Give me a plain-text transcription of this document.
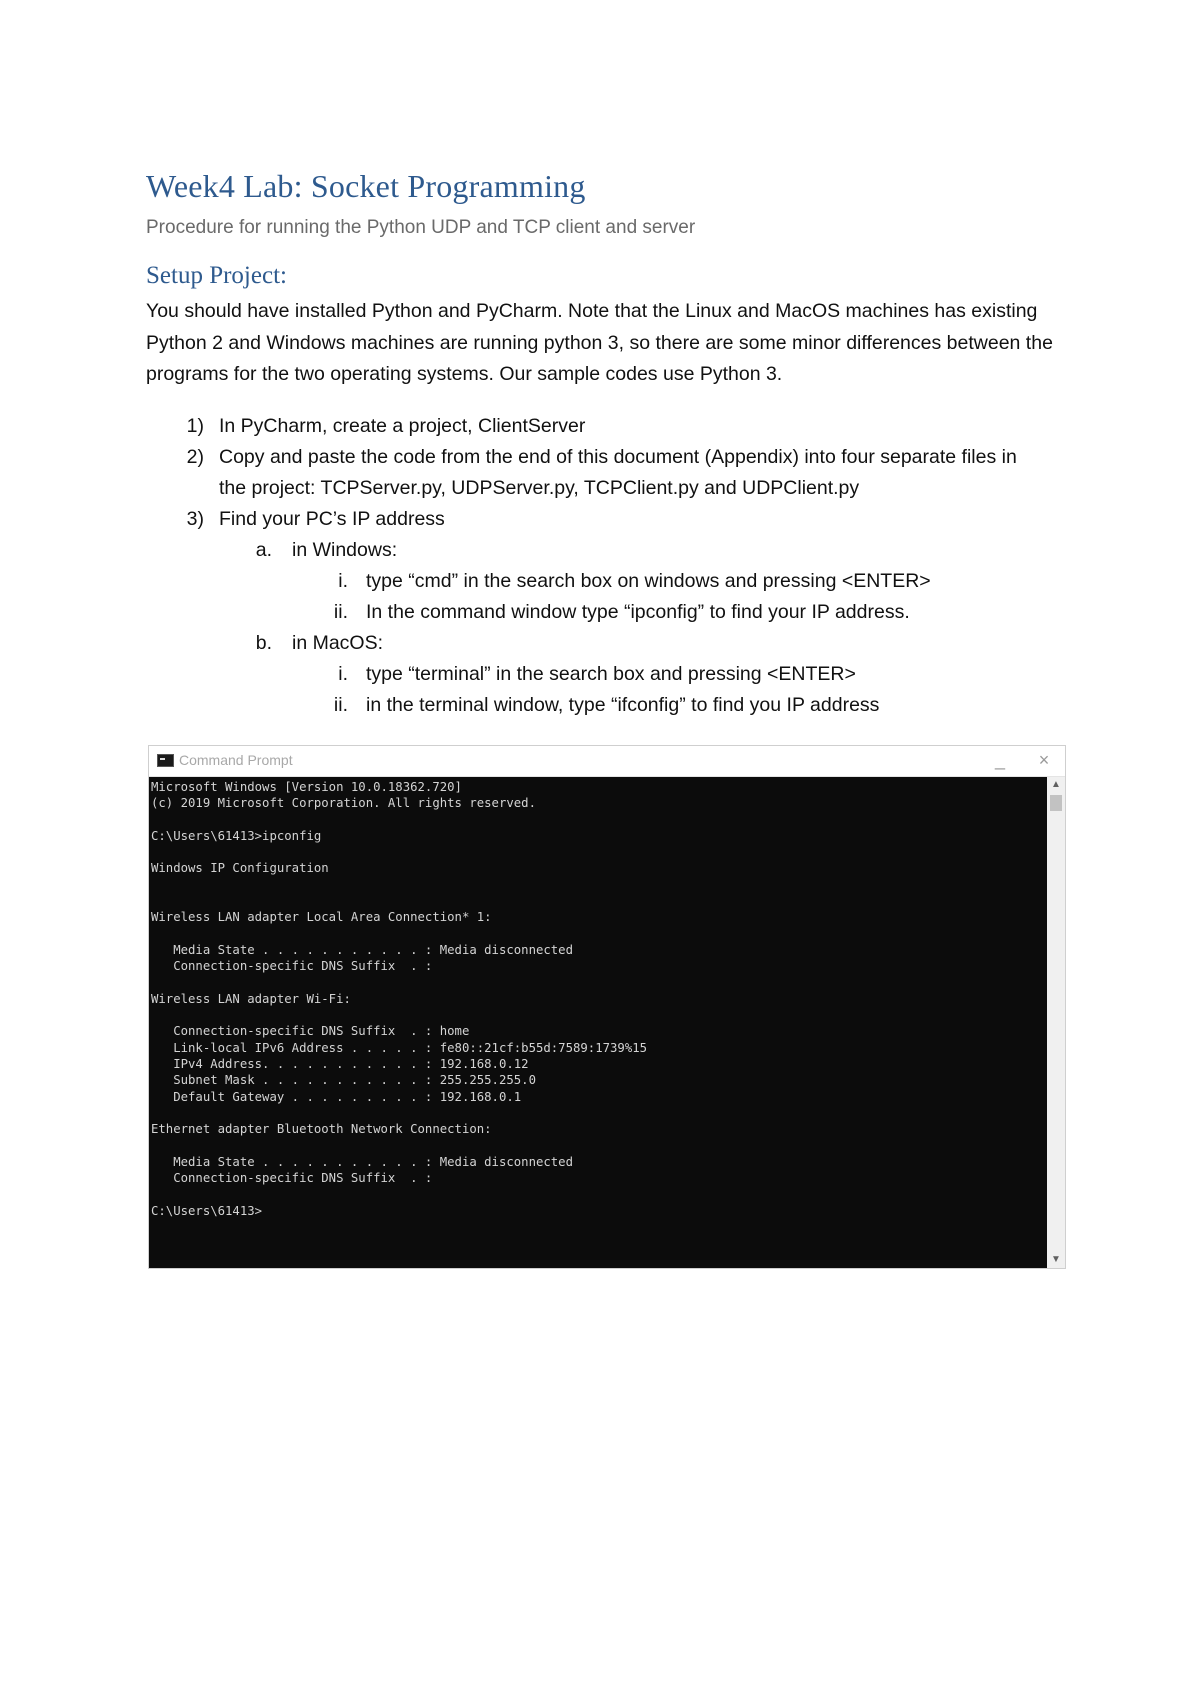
Week4 Lab: Socket Programming
Procedure for running the Python UDP and TCP client and server
Setup Project:

You should have installed Python and PyCharm. Note that the Linux and MacOS machines has existing Python 2 and Windows machines are running python 3, so there are some minor differences between the programs for the two operating systems. Our sample codes use Python 3.

1) In PyCharm, create a project, ClientServer
2) Copy and paste the code from the end of this document (Appendix) into four separate files in
the project: TCPServer.py, UDPServer.py, TCPClient.py and UDPClient.py
3) Find your PC’s IP address
a. in Windows:
i. type “cmd” in the search box on windows and pressing <ENTER>
ii. In the command window type “ipconfig” to find your IP address.
b. in MacOS:
i. type “terminal” in the search box and pressing <ENTER>
ii. in the terminal window, type “ifconfig” to find you IP address
Command Prompt	_	×
Microsoft Windows [Version 10.0.18362.720]
(c) 2019 Microsoft Corporation. All rights reserved.
C:\Users\61413>ipconfig
Windows IP Configuration
Wireless LAN adapter Local Area Connection* 1:
Media State . . . . . . . . . . . : Media disconnected
Connection-specific DNS Suffix  . :
Wireless LAN adapter Wi-Fi:
Connection-specific DNS Suffix  . : home
Link-local IPv6 Address . . . . . : fe80::21cf:b55d:7589:1739%15
IPv4 Address. . . . . . . . . . . : 192.168.0.12
Subnet Mask . . . . . . . . . . . : 255.255.255.0
Default Gateway . . . . . . . . . : 192.168.0.1
Ethernet adapter Bluetooth Network Connection:
Media State . . . . . . . . . . . : Media disconnected
Connection-specific DNS Suffix  . :
C:\Users\61413>
▲
▼
